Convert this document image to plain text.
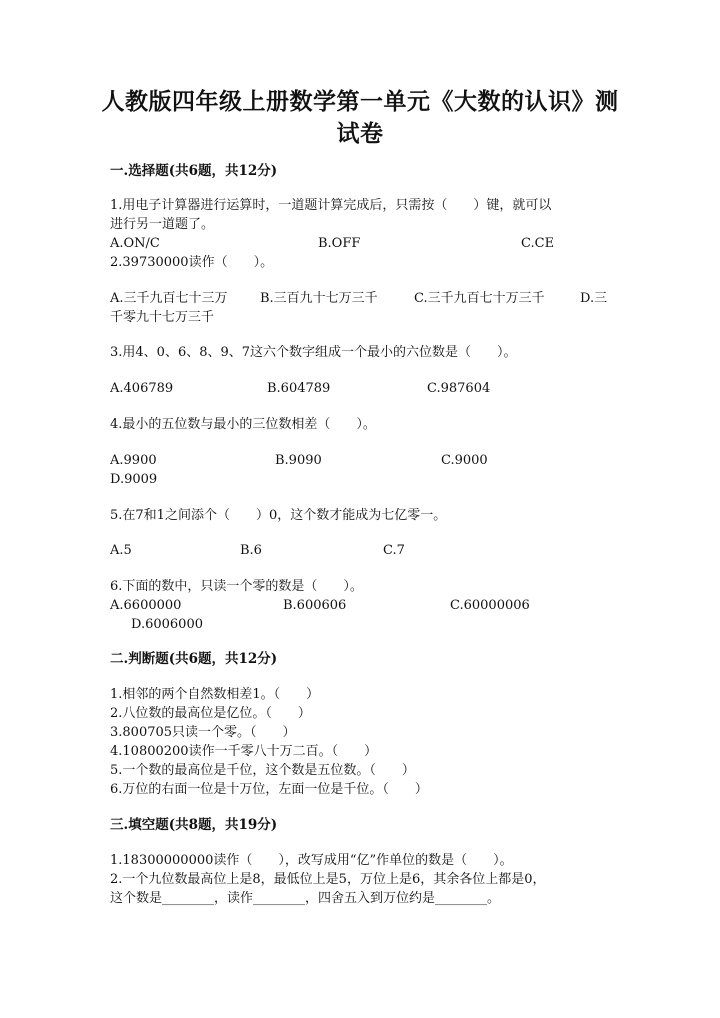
人教版四年级上册数学第一单元《大数的认识》测
试卷
一.选择题(共6题，共12分)
1.用电子计算器进行运算时，一道题计算完成后，只需按（　　）键，就可以
进行另一道题了。
A.ON/C	B.OFF	C.CE
2.39730000读作（　　）。
A.三千九百七十三万 B.三百九十七万三千	C.三千九百七十万三千	D.三
千零九十七万三千
3.用4、0、6、8、9、7这六个数字组成一个最小的六位数是（　　）。
A.406789	B.604789	C.987604
4.最小的五位数与最小的三位数相差（　　）。
A.9900	B.9090	C.9000
D.9009
5.在7和1之间添个（　　）0，这个数才能成为七亿零一。
A.5	B.6	C.7
6.下面的数中，只读一个零的数是（　　）。
A.6600000	B.600606	C.60000006
D.6006000
二.判断题(共6题，共12分)
1.相邻的两个自然数相差1。（　　）
2.八位数的最高位是亿位。（　　）
3.800705只读一个零。（　　）
4.10800200读作一千零八十万二百。（　　）
5.一个数的最高位是千位，这个数是五位数。（　　）
6.万位的右面一位是十万位，左面一位是千位。（　　）
三.填空题(共8题，共19分)
1.18300000000读作（　　），改写成用“亿”作单位的数是（　　）。
2.一个九位数最高位上是8，最低位上是5，万位上是6，其余各位上都是0，
这个数是________，读作________，四舍五入到万位约是________。
